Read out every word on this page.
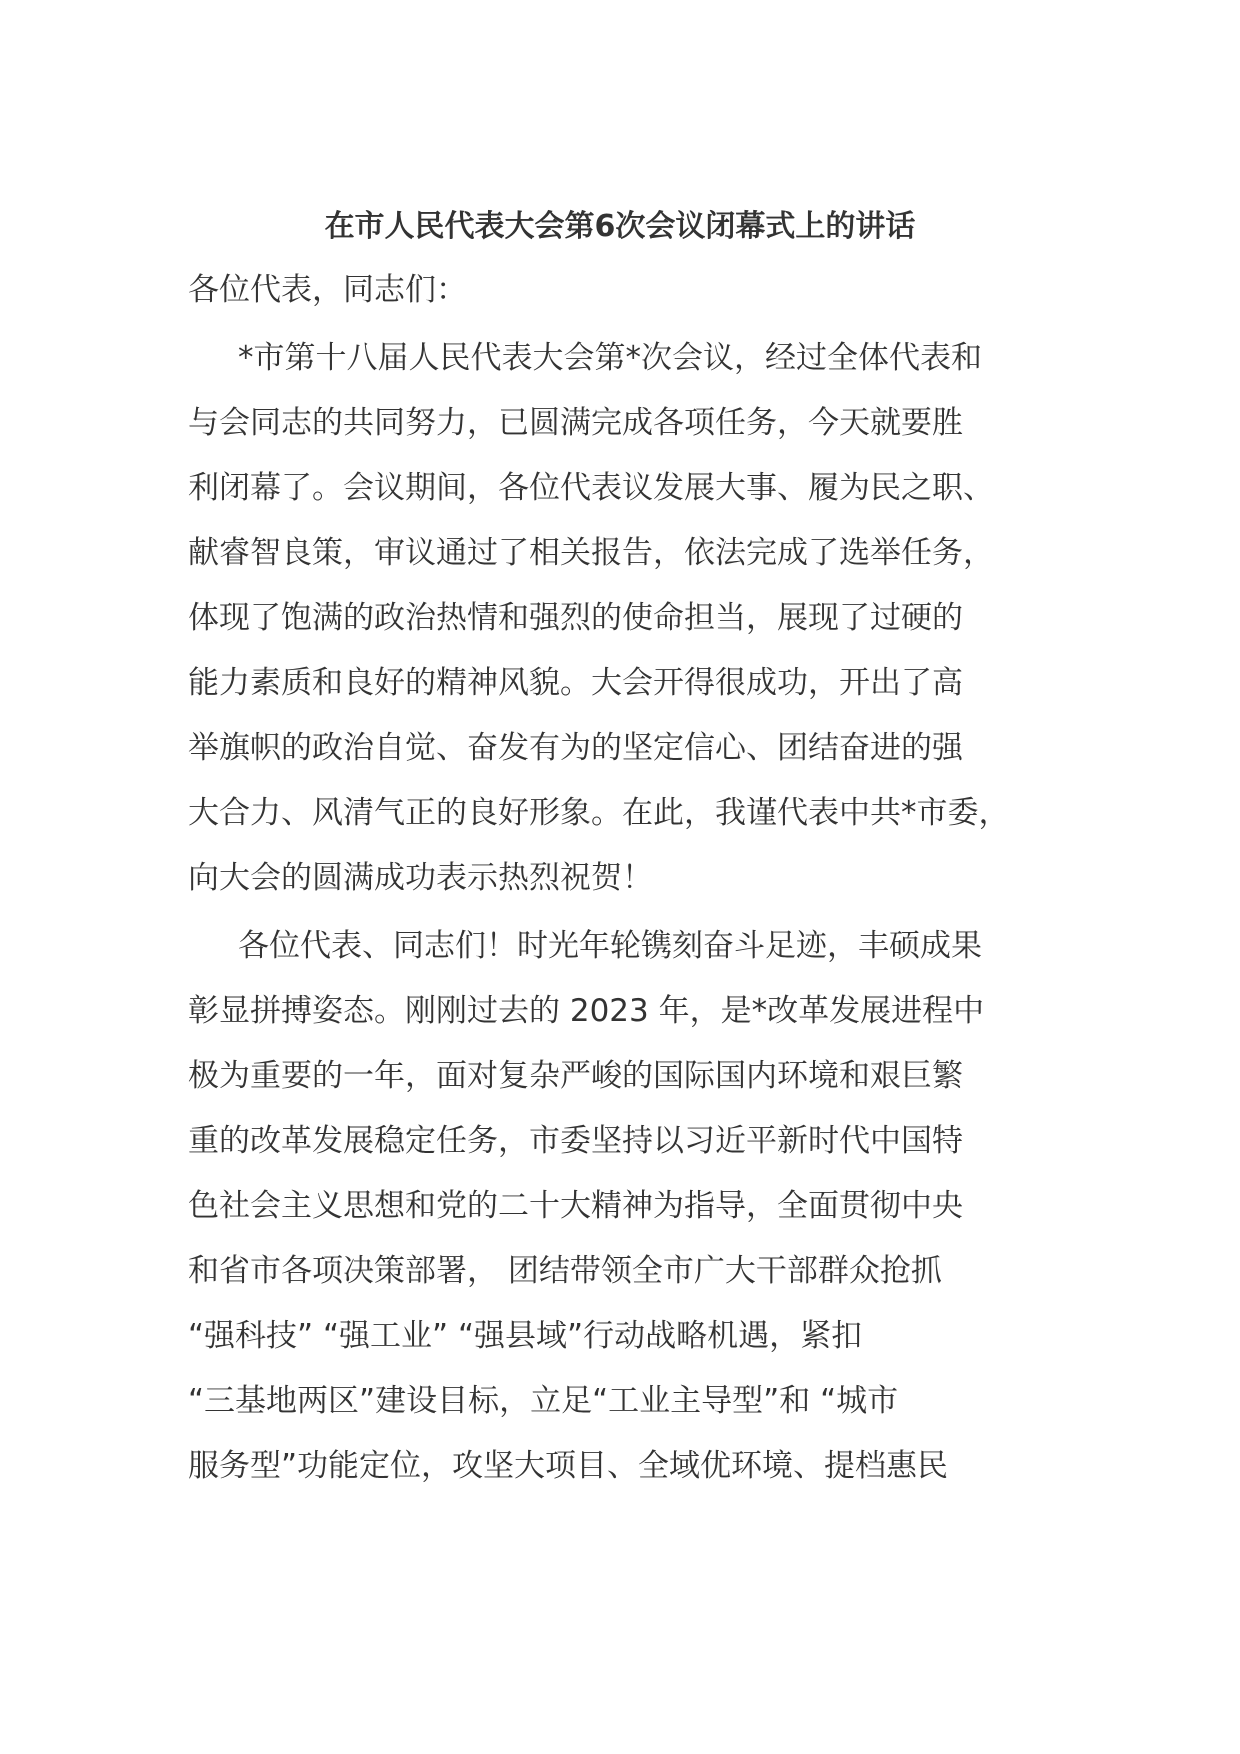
在市人民代表大会第6次会议闭幕式上的讲话
各位代表，同志们：
*市第十八届人民代表大会第*次会议，经过全体代表和
与会同志的共同努力，已圆满完成各项任务，今天就要胜
利闭幕了。会议期间，各位代表议发展大事、履为民之职、
献睿智良策，审议通过了相关报告，依法完成了选举任务，
体现了饱满的政治热情和强烈的使命担当，展现了过硬的
能力素质和良好的精神风貌。大会开得很成功，开出了高
举旗帜的政治自觉、奋发有为的坚定信心、团结奋进的强
大合力、风清气正的良好形象。在此，我谨代表中共*市委，
向大会的圆满成功表示热烈祝贺！
各位代表、同志们！时光年轮镌刻奋斗足迹，丰硕成果
彰显拼搏姿态。刚刚过去的 2023 年，是*改革发展进程中
极为重要的一年，面对复杂严峻的国际国内环境和艰巨繁
重的改革发展稳定任务，市委坚持以习近平新时代中国特
色社会主义思想和党的二十大精神为指导，全面贯彻中央
和省市各项决策部署， 团结带领全市广大干部群众抢抓
“强科技” “强工业” “强县域”行动战略机遇，紧扣
“三基地两区”建设目标，立足“工业主导型”和 “城市
服务型”功能定位，攻坚大项目、全域优环境、提档惠民
